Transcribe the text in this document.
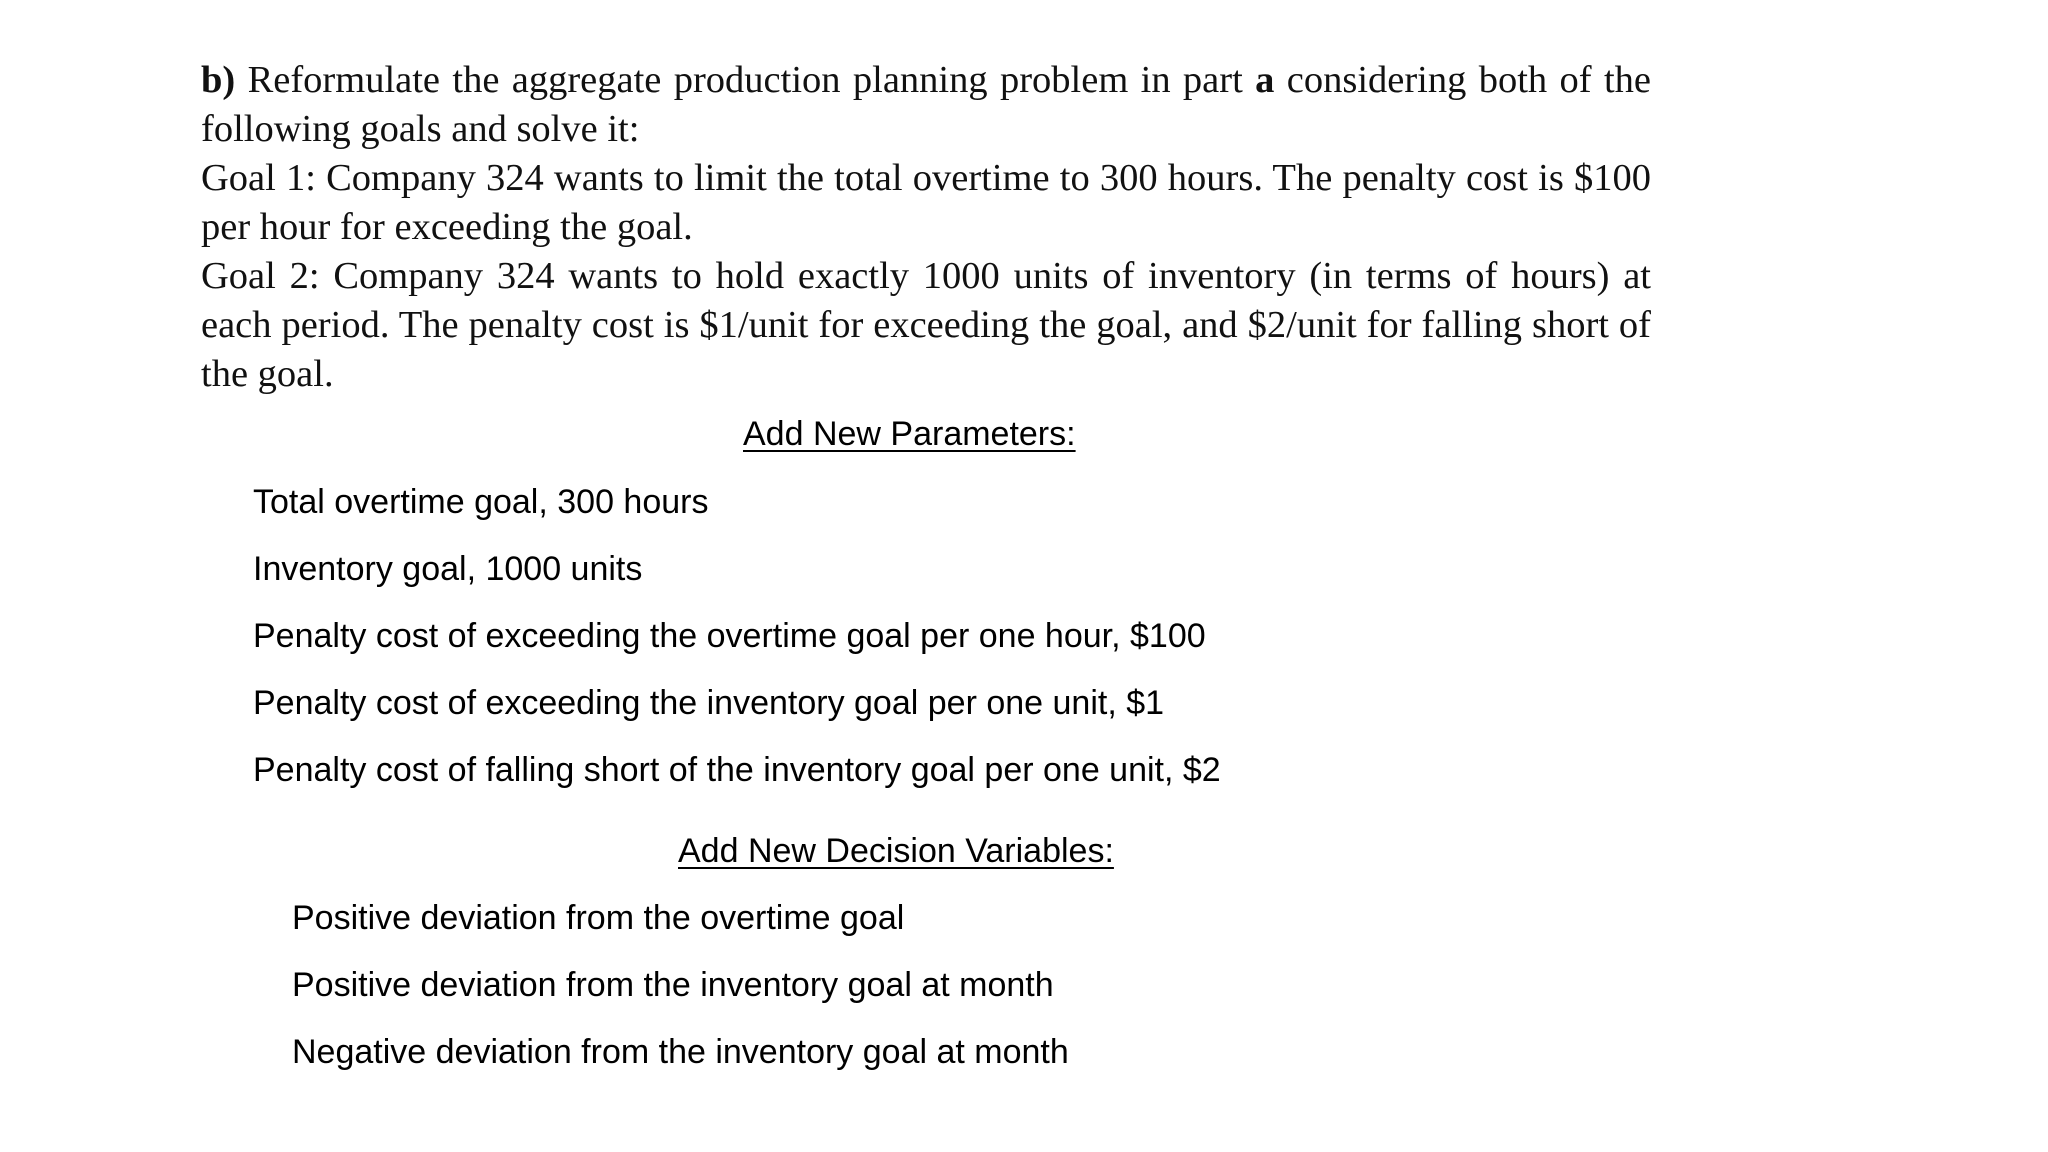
b) Reformulate the aggregate production planning problem in part a considering both of the following goals and solve it:

Goal 1: Company 324 wants to limit the total overtime to 300 hours. The penalty cost is $100 per hour for exceeding the goal.

Goal 2: Company 324 wants to hold exactly 1000 units of inventory (in terms of hours) at each period. The penalty cost is $1/unit for exceeding the goal, and $2/unit for falling short of the goal.

Add New Parameters:
Total overtime goal, 300 hours
Inventory goal, 1000 units
Penalty cost of exceeding the overtime goal per one hour, $100
Penalty cost of exceeding the inventory goal per one unit, $1
Penalty cost of falling short of the inventory goal per one unit, $2
Add New Decision Variables:
Positive deviation from the overtime goal
Positive deviation from the inventory goal at month
Negative deviation from the inventory goal at month
